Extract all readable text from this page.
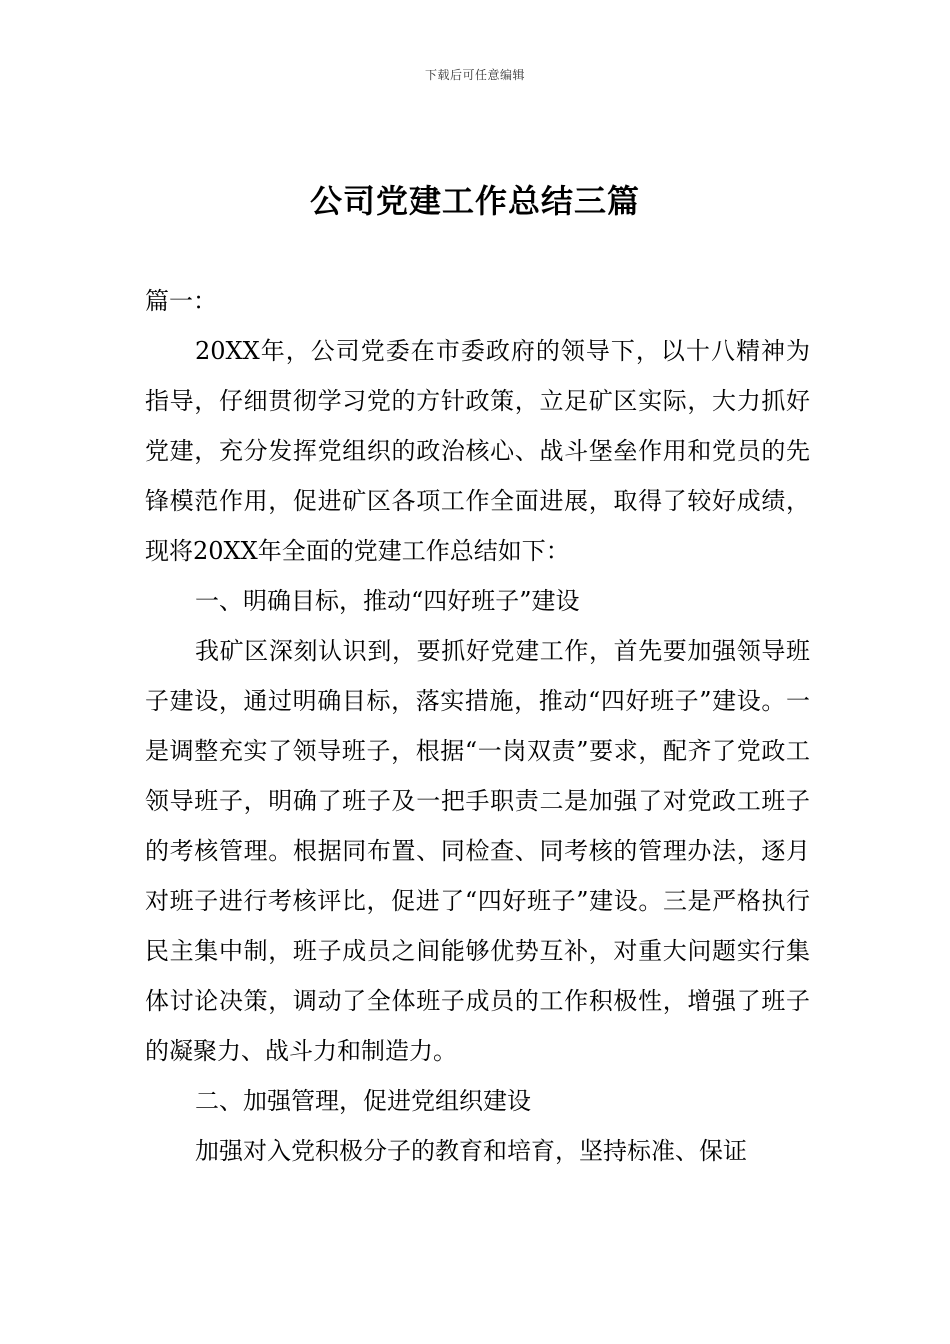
下载后可任意编辑
公司党建工作总结三篇

篇一：

20XX年，公司党委在市委政府的领导下，以十八精神为指导，仔细贯彻学习党的方针政策，立足矿区实际，大力抓好党建，充分发挥党组织的政治核心、战斗堡垒作用和党员的先锋模范作用，促进矿区各项工作全面进展，取得了较好成绩，现将20XX年全面的党建工作总结如下：

一、明确目标，推动“四好班子”建设

我矿区深刻认识到，要抓好党建工作，首先要加强领导班子建设，通过明确目标，落实措施，推动“四好班子”建设。一是调整充实了领导班子，根据“一岗双责”要求，配齐了党政工领导班子，明确了班子及一把手职责二是加强了对党政工班子的考核管理。根据同布置、同检查、同考核的管理办法，逐月对班子进行考核评比，促进了“四好班子”建设。三是严格执行民主集中制，班子成员之间能够优势互补，对重大问题实行集体讨论决策，调动了全体班子成员的工作积极性，增强了班子的凝聚力、战斗力和制造力。

二、加强管理，促进党组织建设

加强对入党积极分子的教育和培育，坚持标准、保证
